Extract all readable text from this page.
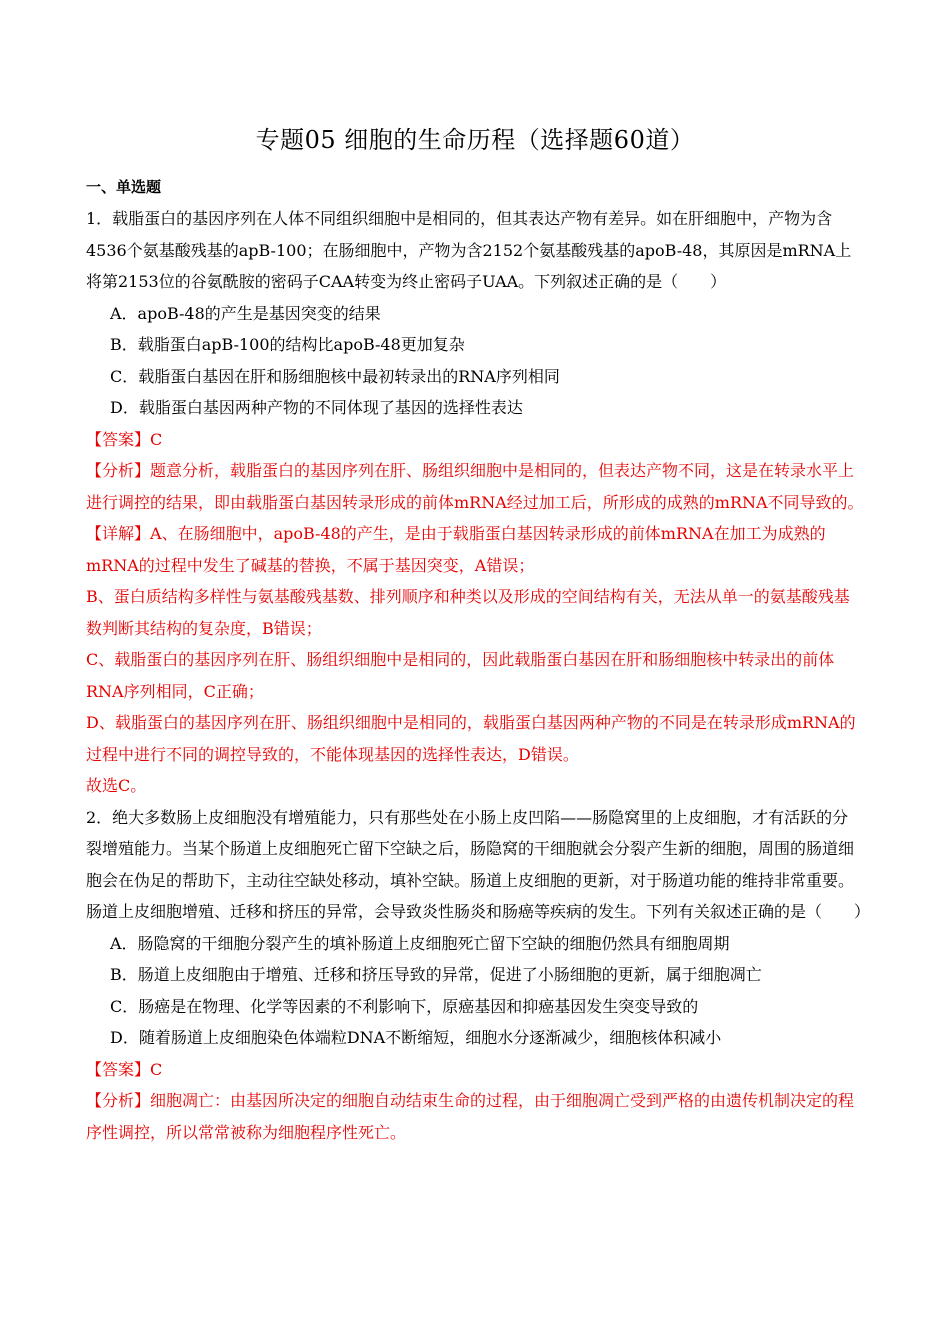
专题05 细胞的生命历程（选择题60道）
一、单选题

1．载脂蛋白的基因序列在人体不同组织细胞中是相同的，但其表达产物有差异。如在肝细胞中，产物为含4536个氨基酸残基的apB-100；在肠细胞中，产物为含2152个氨基酸残基的apoB-48，其原因是mRNA上将第2153位的谷氨酰胺的密码子CAA转变为终止密码子UAA。下列叙述正确的是（　　）

A．apoB-48的产生是基因突变的结果

B．载脂蛋白apB-100的结构比apoB-48更加复杂

C．载脂蛋白基因在肝和肠细胞核中最初转录出的RNA序列相同

D．载脂蛋白基因两种产物的不同体现了基因的选择性表达

【答案】C

【分析】题意分析，载脂蛋白的基因序列在肝、肠组织细胞中是相同的，但表达产物不同，这是在转录水平上进行调控的结果，即由载脂蛋白基因转录形成的前体mRNA经过加工后，所形成的成熟的mRNA不同导致的。

【详解】A、在肠细胞中，apoB-48的产生，是由于载脂蛋白基因转录形成的前体mRNA在加工为成熟的mRNA的过程中发生了碱基的替换，不属于基因突变，A错误；

B、蛋白质结构多样性与氨基酸残基数、排列顺序和种类以及形成的空间结构有关，无法从单一的氨基酸残基数判断其结构的复杂度，B错误；

C、载脂蛋白的基因序列在肝、肠组织细胞中是相同的，因此载脂蛋白基因在肝和肠细胞核中转录出的前体RNA序列相同，C正确；

D、载脂蛋白的基因序列在肝、肠组织细胞中是相同的，载脂蛋白基因两种产物的不同是在转录形成mRNA的过程中进行不同的调控导致的，不能体现基因的选择性表达，D错误。

故选C。

2．绝大多数肠上皮细胞没有增殖能力，只有那些处在小肠上皮凹陷——肠隐窝里的上皮细胞，才有活跃的分裂增殖能力。当某个肠道上皮细胞死亡留下空缺之后，肠隐窝的干细胞就会分裂产生新的细胞，周围的肠道细胞会在伪足的帮助下，主动往空缺处移动，填补空缺。肠道上皮细胞的更新，对于肠道功能的维持非常重要。肠道上皮细胞增殖、迁移和挤压的异常，会导致炎性肠炎和肠癌等疾病的发生。下列有关叙述正确的是（　　）

A．肠隐窝的干细胞分裂产生的填补肠道上皮细胞死亡留下空缺的细胞仍然具有细胞周期

B．肠道上皮细胞由于增殖、迁移和挤压导致的异常，促进了小肠细胞的更新，属于细胞凋亡

C．肠癌是在物理、化学等因素的不利影响下，原癌基因和抑癌基因发生突变导致的

D．随着肠道上皮细胞染色体端粒DNA不断缩短，细胞水分逐渐减少，细胞核体积减小

【答案】C

【分析】细胞凋亡：由基因所决定的细胞自动结束生命的过程，由于细胞凋亡受到严格的由遗传机制决定的程序性调控，所以常常被称为细胞程序性死亡。
